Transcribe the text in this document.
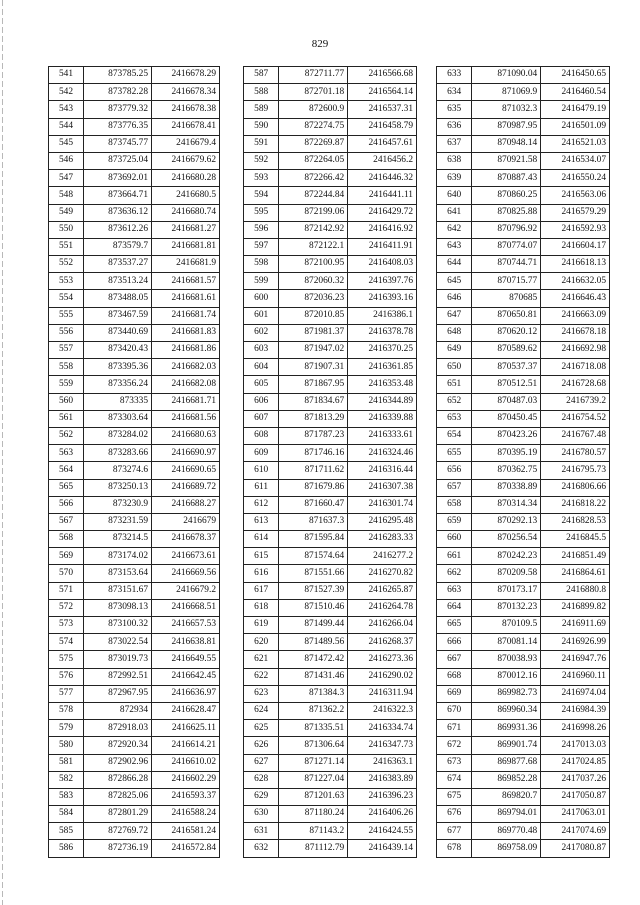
829
541	873785.25	2416678.29
542	873782.28	2416678.34
543	873779.32	2416678.38
544	873776.35	2416678.41
545	873745.77	2416679.4
546	873725.04	2416679.62
547	873692.01	2416680.28
548	873664.71	2416680.5
549	873636.12	2416680.74
550	873612.26	2416681.27
551	873579.7	2416681.81
552	873537.27	2416681.9
553	873513.24	2416681.57
554	873488.05	2416681.61
555	873467.59	2416681.74
556	873440.69	2416681.83
557	873420.43	2416681.86
558	873395.36	2416682.03
559	873356.24	2416682.08
560	873335	2416681.71
561	873303.64	2416681.56
562	873284.02	2416680.63
563	873283.66	2416690.97
564	873274.6	2416690.65
565	873250.13	2416689.72
566	873230.9	2416688.27
567	873231.59	2416679
568	873214.5	2416678.37
569	873174.02	2416673.61
570	873153.64	2416669.56
571	873151.67	2416679.2
572	873098.13	2416668.51
573	873100.32	2416657.53
574	873022.54	2416638.81
575	873019.73	2416649.55
576	872992.51	2416642.45
577	872967.95	2416636.97
578	872934	2416628.47
579	872918.03	2416625.11
580	872920.34	2416614.21
581	872902.96	2416610.02
582	872866.28	2416602.29
583	872825.06	2416593.37
584	872801.29	2416588.24
585	872769.72	2416581.24
586	872736.19	2416572.84
587	872711.77	2416566.68
588	872701.18	2416564.14
589	872600.9	2416537.31
590	872274.75	2416458.79
591	872269.87	2416457.61
592	872264.05	2416456.2
593	872266.42	2416446.32
594	872244.84	2416441.11
595	872199.06	2416429.72
596	872142.92	2416416.92
597	872122.1	2416411.91
598	872100.95	2416408.03
599	872060.32	2416397.76
600	872036.23	2416393.16
601	872010.85	2416386.1
602	871981.37	2416378.78
603	871947.02	2416370.25
604	871907.31	2416361.85
605	871867.95	2416353.48
606	871834.67	2416344.89
607	871813.29	2416339.88
608	871787.23	2416333.61
609	871746.16	2416324.46
610	871711.62	2416316.44
611	871679.86	2416307.38
612	871660.47	2416301.74
613	871637.3	2416295.48
614	871595.84	2416283.33
615	871574.64	2416277.2
616	871551.66	2416270.82
617	871527.39	2416265.87
618	871510.46	2416264.78
619	871499.44	2416266.04
620	871489.56	2416268.37
621	871472.42	2416273.36
622	871431.46	2416290.02
623	871384.3	2416311.94
624	871362.2	2416322.3
625	871335.51	2416334.74
626	871306.64	2416347.73
627	871271.14	2416363.1
628	871227.04	2416383.89
629	871201.63	2416396.23
630	871180.24	2416406.26
631	871143.2	2416424.55
632	871112.79	2416439.14
633	871090.04	2416450.65
634	871069.9	2416460.54
635	871032.3	2416479.19
636	870987.95	2416501.09
637	870948.14	2416521.03
638	870921.58	2416534.07
639	870887.43	2416550.24
640	870860.25	2416563.06
641	870825.88	2416579.29
642	870796.92	2416592.93
643	870774.07	2416604.17
644	870744.71	2416618.13
645	870715.77	2416632.05
646	870685	2416646.43
647	870650.81	2416663.09
648	870620.12	2416678.18
649	870589.62	2416692.98
650	870537.37	2416718.08
651	870512.51	2416728.68
652	870487.03	2416739.2
653	870450.45	2416754.52
654	870423.26	2416767.48
655	870395.19	2416780.57
656	870362.75	2416795.73
657	870338.89	2416806.66
658	870314.34	2416818.22
659	870292.13	2416828.53
660	870256.54	2416845.5
661	870242.23	2416851.49
662	870209.58	2416864.61
663	870173.17	2416880.8
664	870132.23	2416899.82
665	870109.5	2416911.69
666	870081.14	2416926.99
667	870038.93	2416947.76
668	870012.16	2416960.11
669	869982.73	2416974.04
670	869960.34	2416984.39
671	869931.36	2416998.26
672	869901.74	2417013.03
673	869877.68	2417024.85
674	869852.28	2417037.26
675	869820.7	2417050.87
676	869794.01	2417063.01
677	869770.48	2417074.69
678	869758.09	2417080.87
